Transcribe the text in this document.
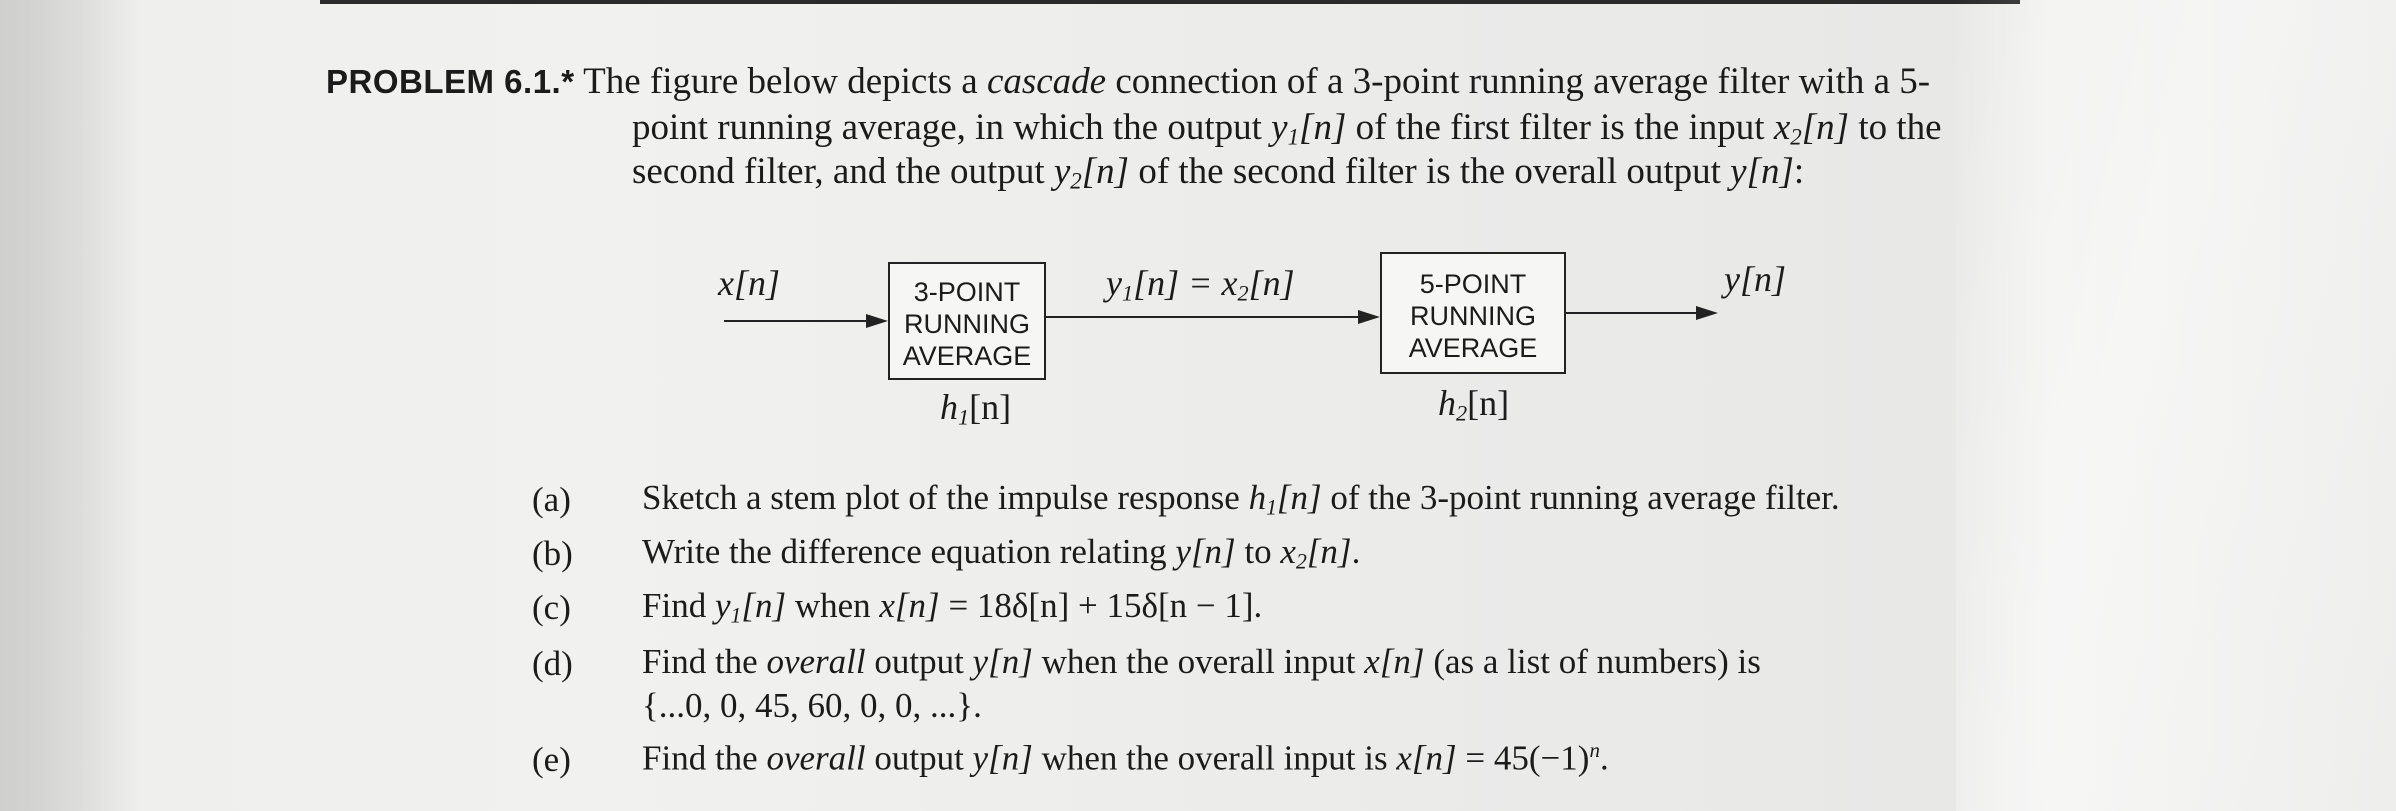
PROBLEM 6.1.* The figure below depicts a cascade connection of a 3-point running average filter with a 5-
point running average, in which the output $y_1[n]$ of the first filter is the input $x_2[n]$ to the
second filter, and the output $y_2[n]$ of the second filter is the overall output y[n]:
x[n]	3-POINT
RUNNING
AVERAGE
$h_1[n]$
$y_1[n] = x_2[n]$	5-POINT
RUNNING
AVERAGE
$h_2[n]$
y[n]
(a) Sketch a stem plot of the impulse response $h_1[n]$ of the 3-point running average filter.
(b) Write the difference equation relating y[n] to $x_2[n]$.
(c) Find $y_1[n]$ when x[n] = 18δ[n] + 15δ[n − 1].
(d) Find the overall output y[n] when the overall input x[n] (as a list of numbers) is
{...0, 0, 45, 60, 0, 0, ...}.
(e) Find the overall output y[n] when the overall input is $x[n] = 45(-1)^n$.
